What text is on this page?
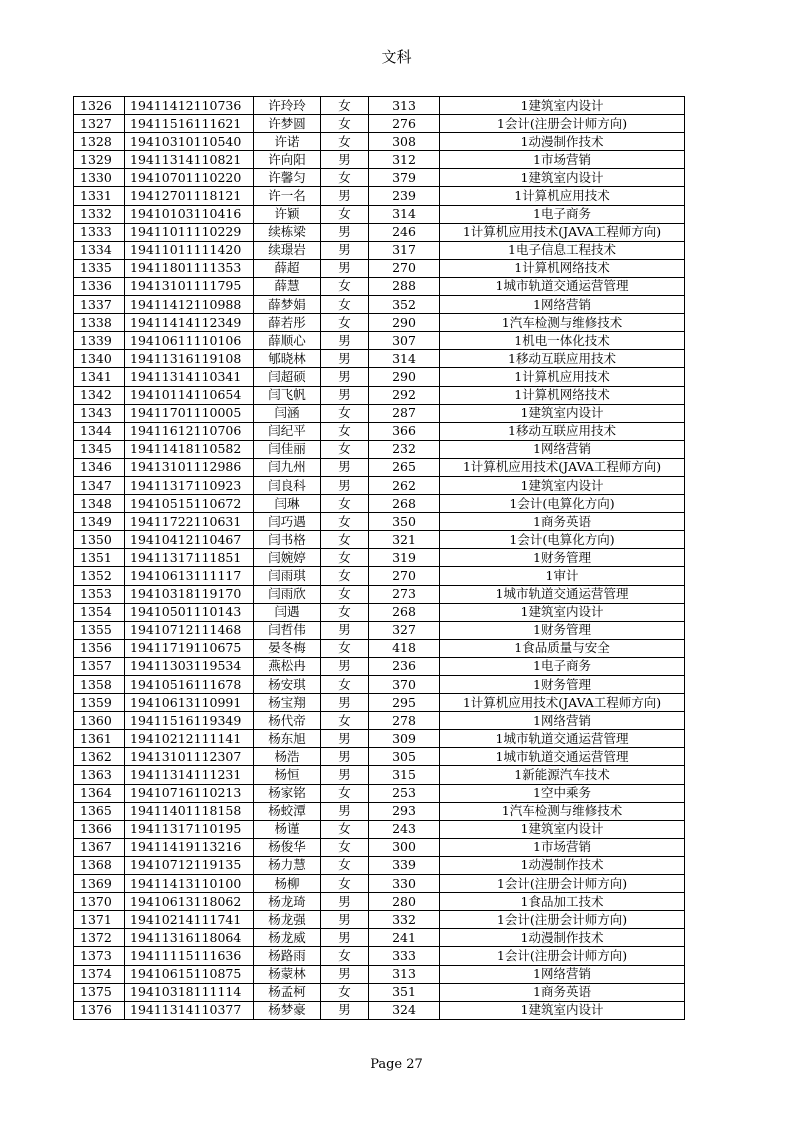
文科
1326	19411412110736	许玲玲	女	313	1建筑室内设计
1327	19411516111621	许梦圆	女	276	1会计(注册会计师方向)
1328	19410310110540	许诺	女	308	1动漫制作技术
1329	19411314110821	许向阳	男	312	1市场营销
1330	19410701110220	许馨匀	女	379	1建筑室内设计
1331	19412701118121	许一名	男	239	1计算机应用技术
1332	19410103110416	许颖	女	314	1电子商务
1333	19411011110229	续栋梁	男	246	1计算机应用技术(JAVA工程师方向)
1334	19411011111420	续璟岩	男	317	1电子信息工程技术
1335	19411801111353	薛超	男	270	1计算机网络技术
1336	19413101111795	薛慧	女	288	1城市轨道交通运营管理
1337	19411412110988	薛梦娟	女	352	1网络营销
1338	19411414112349	薛若彤	女	290	1汽车检测与维修技术
1339	19410611110106	薛顺心	男	307	1机电一体化技术
1340	19411316119108	郇晓林	男	314	1移动互联应用技术
1341	19411314110341	闫超硕	男	290	1计算机应用技术
1342	19410114110654	闫飞帆	男	292	1计算机网络技术
1343	19411701110005	闫涵	女	287	1建筑室内设计
1344	19411612110706	闫纪平	女	366	1移动互联应用技术
1345	19411418110582	闫佳丽	女	232	1网络营销
1346	19413101112986	闫九州	男	265	1计算机应用技术(JAVA工程师方向)
1347	19411317110923	闫良科	男	262	1建筑室内设计
1348	19410515110672	闫琳	女	268	1会计(电算化方向)
1349	19411722110631	闫巧遇	女	350	1商务英语
1350	19410412110467	闫书格	女	321	1会计(电算化方向)
1351	19411317111851	闫婉婷	女	319	1财务管理
1352	19410613111117	闫雨琪	女	270	1审计
1353	19410318119170	闫雨欣	女	273	1城市轨道交通运营管理
1354	19410501110143	闫遇	女	268	1建筑室内设计
1355	19410712111468	闫哲伟	男	327	1财务管理
1356	19411719110675	晏冬梅	女	418	1食品质量与安全
1357	19411303119534	燕松冉	男	236	1电子商务
1358	19410516111678	杨安琪	女	370	1财务管理
1359	19410613110991	杨宝翔	男	295	1计算机应用技术(JAVA工程师方向)
1360	19411516119349	杨代帝	女	278	1网络营销
1361	19410212111141	杨东旭	男	309	1城市轨道交通运营管理
1362	19413101112307	杨浩	男	305	1城市轨道交通运营管理
1363	19411314111231	杨恒	男	315	1新能源汽车技术
1364	19410716110213	杨家铭	女	253	1空中乘务
1365	19411401118158	杨蛟潭	男	293	1汽车检测与维修技术
1366	19411317110195	杨谨	女	243	1建筑室内设计
1367	19411419113216	杨俊华	女	300	1市场营销
1368	19410712119135	杨力慧	女	339	1动漫制作技术
1369	19411413110100	杨柳	女	330	1会计(注册会计师方向)
1370	19410613118062	杨龙琦	男	280	1食品加工技术
1371	19410214111741	杨龙强	男	332	1会计(注册会计师方向)
1372	19411316118064	杨龙威	男	241	1动漫制作技术
1373	19411115111636	杨路雨	女	333	1会计(注册会计师方向)
1374	19410615110875	杨蒙林	男	313	1网络营销
1375	19410318111114	杨孟柯	女	351	1商务英语
1376	19411314110377	杨梦豪	男	324	1建筑室内设计
Page 27
